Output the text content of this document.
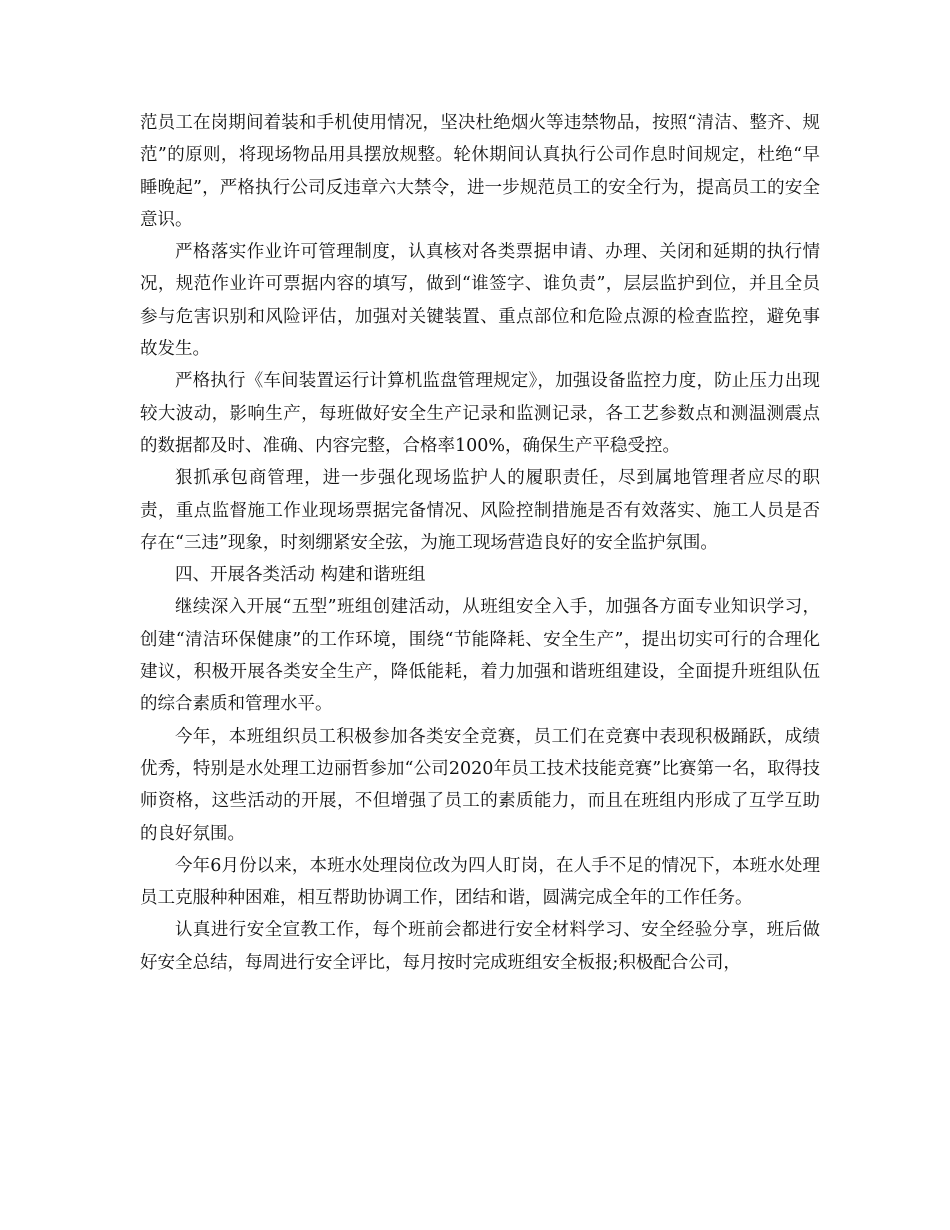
范员工在岗期间着装和手机使用情况，坚决杜绝烟火等违禁物品，按照“清洁、整齐、规范”的原则，将现场物品用具摆放规整。轮休期间认真执行公司作息时间规定，杜绝“早睡晚起”，严格执行公司反违章六大禁令，进一步规范员工的安全行为，提高员工的安全意识。

严格落实作业许可管理制度，认真核对各类票据申请、办理、关闭和延期的执行情况，规范作业许可票据内容的填写，做到“谁签字、谁负责”，层层监护到位，并且全员参与危害识别和风险评估，加强对关键装置、重点部位和危险点源的检查监控，避免事故发生。

严格执行《车间装置运行计算机监盘管理规定》，加强设备监控力度，防止压力出现较大波动，影响生产，每班做好安全生产记录和监测记录，各工艺参数点和测温测震点的数据都及时、准确、内容完整，合格率100%，确保生产平稳受控。

狠抓承包商管理，进一步强化现场监护人的履职责任，尽到属地管理者应尽的职责，重点监督施工作业现场票据完备情况、风险控制措施是否有效落实、施工人员是否存在“三违”现象，时刻绷紧安全弦，为施工现场营造良好的安全监护氛围。

四、开展各类活动 构建和谐班组

继续深入开展“五型”班组创建活动，从班组安全入手，加强各方面专业知识学习，创建“清洁环保健康”的工作环境，围绕“节能降耗、安全生产”，提出切实可行的合理化建议，积极开展各类安全生产，降低能耗，着力加强和谐班组建设，全面提升班组队伍的综合素质和管理水平。

今年，本班组织员工积极参加各类安全竞赛，员工们在竞赛中表现积极踊跃，成绩优秀，特别是水处理工边丽哲参加“公司2020年员工技术技能竞赛”比赛第一名，取得技师资格，这些活动的开展，不但增强了员工的素质能力，而且在班组内形成了互学互助的良好氛围。

今年6月份以来，本班水处理岗位改为四人盯岗，在人手不足的情况下，本班水处理员工克服种种困难，相互帮助协调工作，团结和谐，圆满完成全年的工作任务。

认真进行安全宣教工作，每个班前会都进行安全材料学习、安全经验分享，班后做好安全总结，每周进行安全评比，每月按时完成班组安全板报;积极配合公司，
